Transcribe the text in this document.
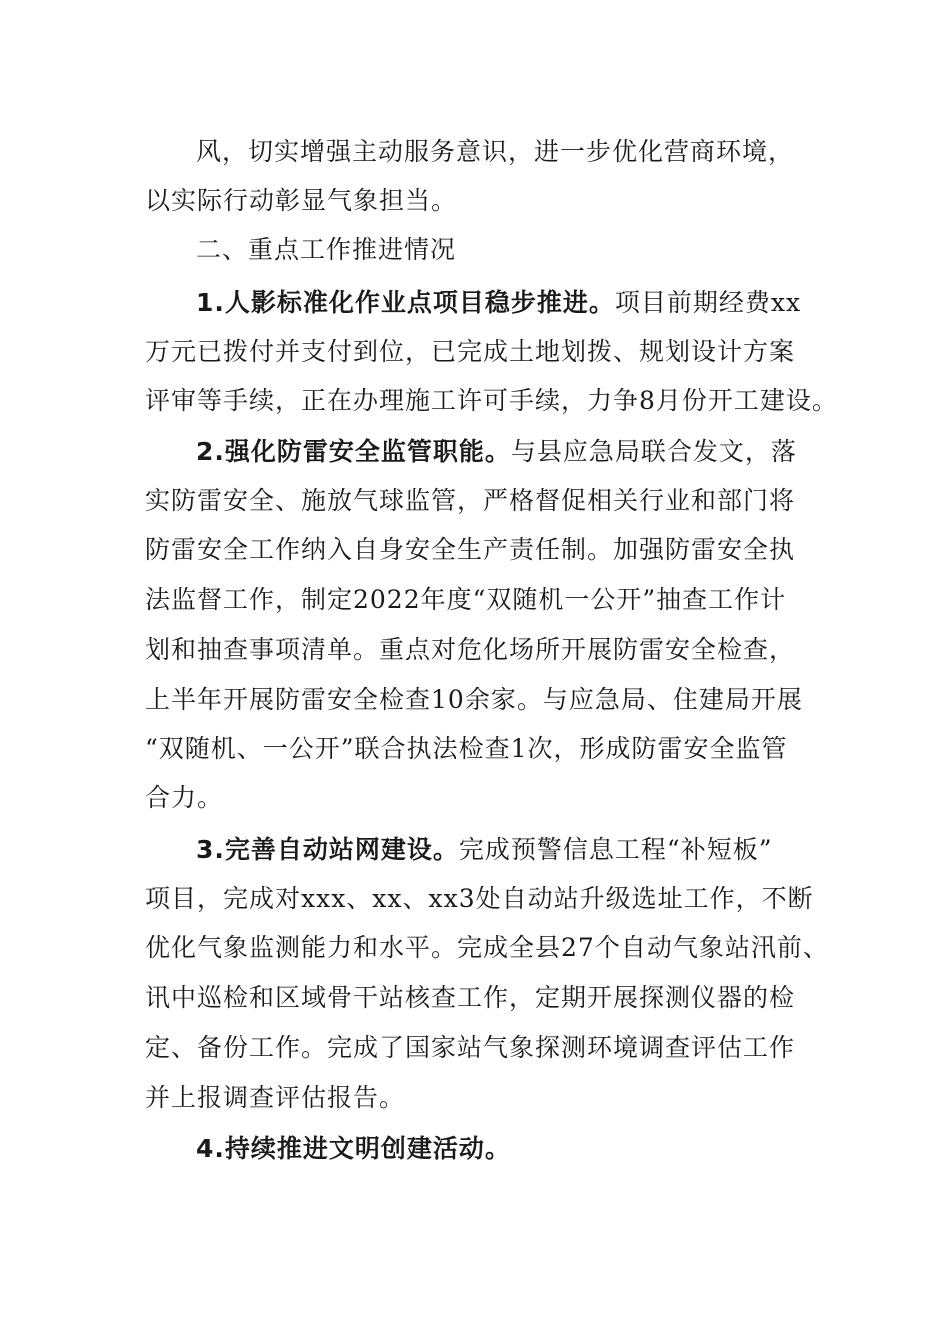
风，切实增强主动服务意识，进一步优化营商环境，
以实际行动彰显气象担当。
二、重点工作推进情况
1.人影标准化作业点项目稳步推进。项目前期经费xx
万元已拨付并支付到位，已完成土地划拨、规划设计方案
评审等手续，正在办理施工许可手续，力争8月份开工建设。
2.强化防雷安全监管职能。与县应急局联合发文，落
实防雷安全、施放气球监管，严格督促相关行业和部门将
防雷安全工作纳入自身安全生产责任制。加强防雷安全执
法监督工作，制定2022年度“双随机一公开”抽查工作计
划和抽查事项清单。重点对危化场所开展防雷安全检查，
上半年开展防雷安全检查10余家。与应急局、住建局开展
“双随机、一公开”联合执法检查1次，形成防雷安全监管
合力。
3.完善自动站网建设。完成预警信息工程“补短板”
项目，完成对xxx、xx、xx3处自动站升级选址工作，不断
优化气象监测能力和水平。完成全县27个自动气象站汛前、
讯中巡检和区域骨干站核查工作，定期开展探测仪器的检
定、备份工作。完成了国家站气象探测环境调查评估工作
并上报调查评估报告。
4.持续推进文明创建活动。
